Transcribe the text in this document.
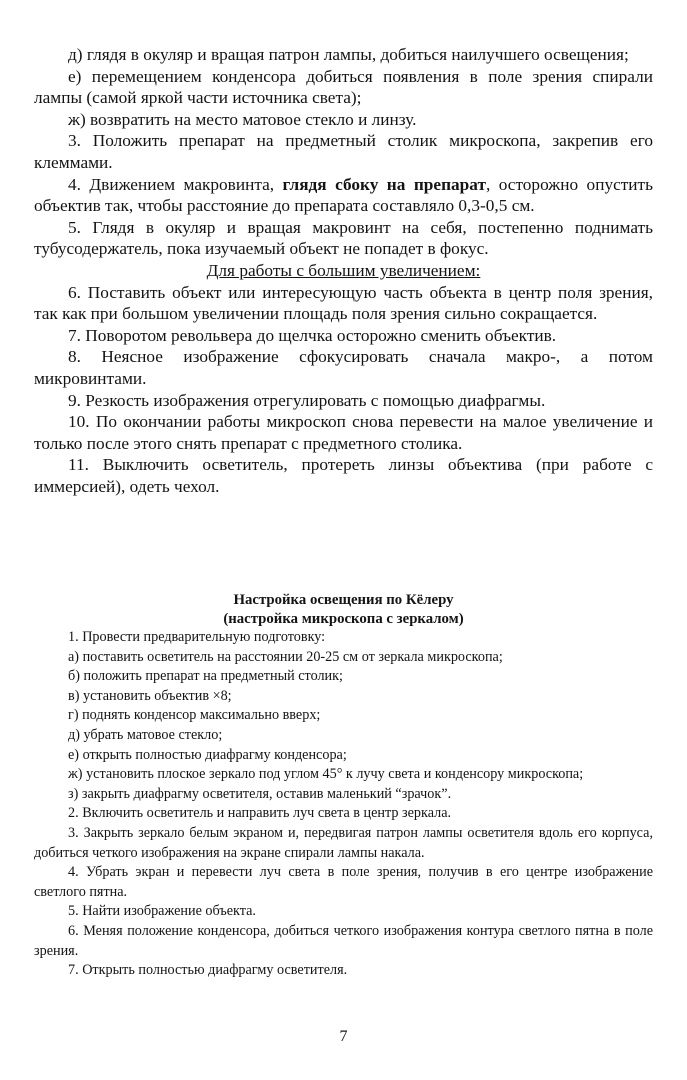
д) глядя в окуляр и вращая патрон лампы, добиться наилучшего освещения;

е) перемещением конденсора добиться появления в поле зрения спирали лампы (самой яркой части источника света);

ж) возвратить на место матовое стекло и линзу.

3. Положить препарат на предметный столик микроскопа, закрепив его клеммами.

4. Движением макровинта, глядя сбоку на препарат, осторожно опустить объектив так, чтобы расстояние до препарата составляло 0,3-0,5 см.

5. Глядя в окуляр и вращая макровинт на себя, постепенно поднимать тубусодержатель, пока изучаемый объект не попадет в фокус.

Для работы с большим увеличением:

6. Поставить объект или интересующую часть объекта в центр поля зрения, так как при большом увеличении площадь поля зрения сильно сокращается.

7. Поворотом револьвера до щелчка осторожно сменить объектив.

8. Неясное изображение сфокусировать сначала макро-, а потом микровинтами.

9. Резкость изображения отрегулировать с помощью диафрагмы.

10. По окончании работы микроскоп снова перевести на малое увеличение и только после этого снять препарат с предметного столика.

11. Выключить осветитель, протереть линзы объектива (при работе с иммерсией), одеть чехол.

Настройка освещения по Кёлеру
(настройка микроскопа с зеркалом)

1. Провести предварительную подготовку:

а) поставить осветитель на расстоянии 20-25 см от зеркала микроскопа;

б) положить препарат на предметный столик;

в) установить объектив ×8;

г) поднять конденсор максимально вверх;

д) убрать матовое стекло;

е) открыть полностью диафрагму конденсора;

ж) установить плоское зеркало под углом 45° к лучу света и конденсору микроскопа;

з) закрыть диафрагму осветителя, оставив маленький “зрачок”.

2. Включить осветитель и направить луч света в центр зеркала.

3. Закрыть зеркало белым экраном и, передвигая патрон лампы осветителя вдоль его корпуса, добиться четкого изображения на экране спирали лампы накала.

4. Убрать экран и перевести луч света в поле зрения, получив в его центре изображение светлого пятна.

5. Найти изображение объекта.

6. Меняя положение конденсора, добиться четкого изображения контура светлого пятна в поле зрения.

7. Открыть полностью диафрагму осветителя.

7
